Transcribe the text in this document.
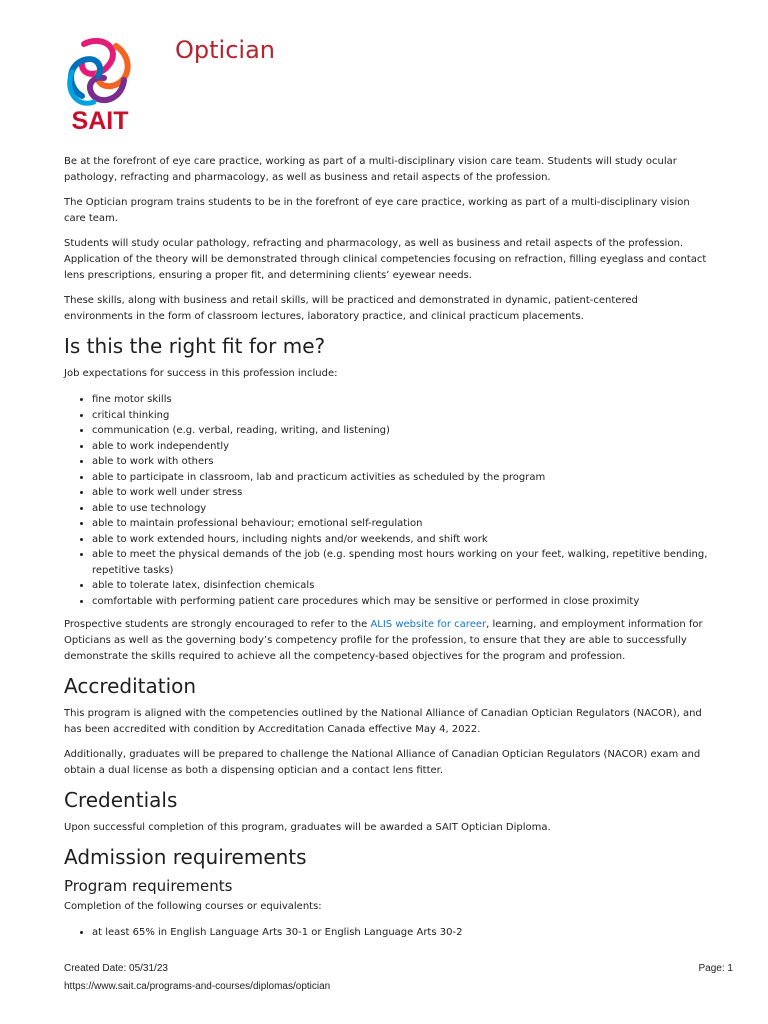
SAIT
Optician

Be at the forefront of eye care practice, working as part of a multi-disciplinary vision care team. Students will study ocular pathology, refracting and pharmacology, as well as business and retail aspects of the profession.

The Optician program trains students to be in the forefront of eye care practice, working as part of a multi-disciplinary vision care team.

Students will study ocular pathology, refracting and pharmacology, as well as business and retail aspects of the profession. Application of the theory will be demonstrated through clinical competencies focusing on refraction, filling eyeglass and contact lens prescriptions, ensuring a proper fit, and determining clients’ eyewear needs.

These skills, along with business and retail skills, will be practiced and demonstrated in dynamic, patient-centered environments in the form of classroom lectures, laboratory practice, and clinical practicum placements.

Is this the right fit for me?

Job expectations for success in this profession include:

• fine motor skills
• critical thinking
• communication (e.g. verbal, reading, writing, and listening)
• able to work independently
• able to work with others
• able to participate in classroom, lab and practicum activities as scheduled by the program
• able to work well under stress
• able to use technology
• able to maintain professional behaviour; emotional self-regulation
• able to work extended hours, including nights and/or weekends, and shift work
• able to meet the physical demands of the job (e.g. spending most hours working on your feet, walking, repetitive bending, repetitive tasks)
• able to tolerate latex, disinfection chemicals
• comfortable with performing patient care procedures which may be sensitive or performed in close proximity

Prospective students are strongly encouraged to refer to the ALIS website for career, learning, and employment information for Opticians as well as the governing body’s competency profile for the profession, to ensure that they are able to successfully demonstrate the skills required to achieve all the competency-based objectives for the program and profession.

Accreditation

This program is aligned with the competencies outlined by the National Alliance of Canadian Optician Regulators (NACOR), and has been accredited with condition by Accreditation Canada effective May 4, 2022.

Additionally, graduates will be prepared to challenge the National Alliance of Canadian Optician Regulators (NACOR) exam and obtain a dual license as both a dispensing optician and a contact lens fitter.

Credentials

Upon successful completion of this program, graduates will be awarded a SAIT Optician Diploma.

Admission requirements
Program requirements

Completion of the following courses or equivalents:

• at least 65% in English Language Arts 30-1 or English Language Arts 30-2
Created Date: 05/31/23	Page: 1
https://www.sait.ca/programs-and-courses/diplomas/optician
